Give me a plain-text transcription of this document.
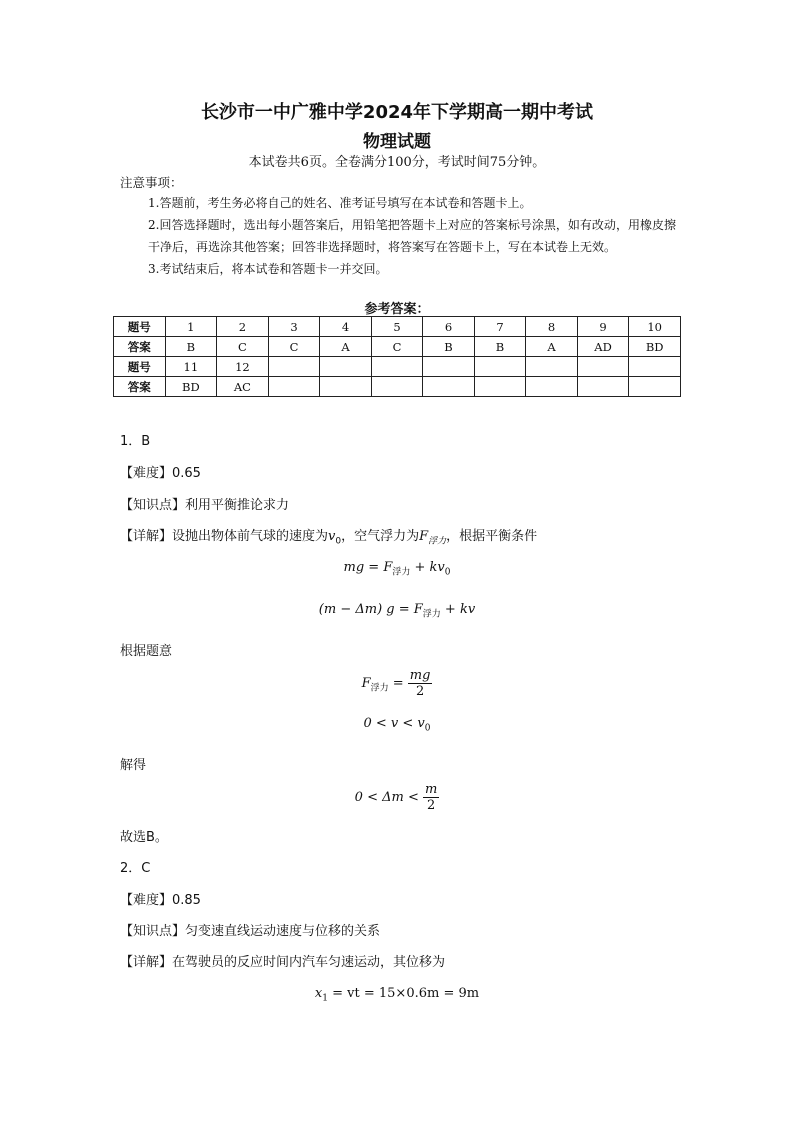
长沙市一中广雅中学2024年下学期高一期中考试
物理试题
本试卷共6页。全卷满分100分，考试时间75分钟。
注意事项：

1.答题前，考生务必将自己的姓名、准考证号填写在本试卷和答题卡上。

2.回答选择题时，选出每小题答案后，用铅笔把答题卡上对应的答案标号涂黑，如有改动，用橡皮擦干净后，再选涂其他答案；回答非选择题时，将答案写在答题卡上，写在本试卷上无效。

3.考试结束后，将本试卷和答题卡一并交回。

参考答案：
题号	1	2	3	4	5	6	7	8	9	10
答案	B	C	C	A	C	B	B	A	AD	BD
题号	11	12								
答案	BD	AC								
1．B
【难度】0.65
【知识点】利用平衡推论求力
【详解】设抛出物体前气球的速度为$v_0$，空气浮力为$F_{浮力}$，根据平衡条件
mg = $F_{浮力} + kv_0$
(m − Δm) $g = F_{浮力}$ + kv
根据题意
$F_{浮力} = \frac{mg}{2}$
$0 < v < v_0$
解得
$0 < \Delta m < \frac{m}{2}$
故选B。
2．C
【难度】0.85
【知识点】匀变速直线运动速度与位移的关系
【详解】在驾驶员的反应时间内汽车匀速运动，其位移为
$x_1$ = vt = 15×0.6m = 9m
